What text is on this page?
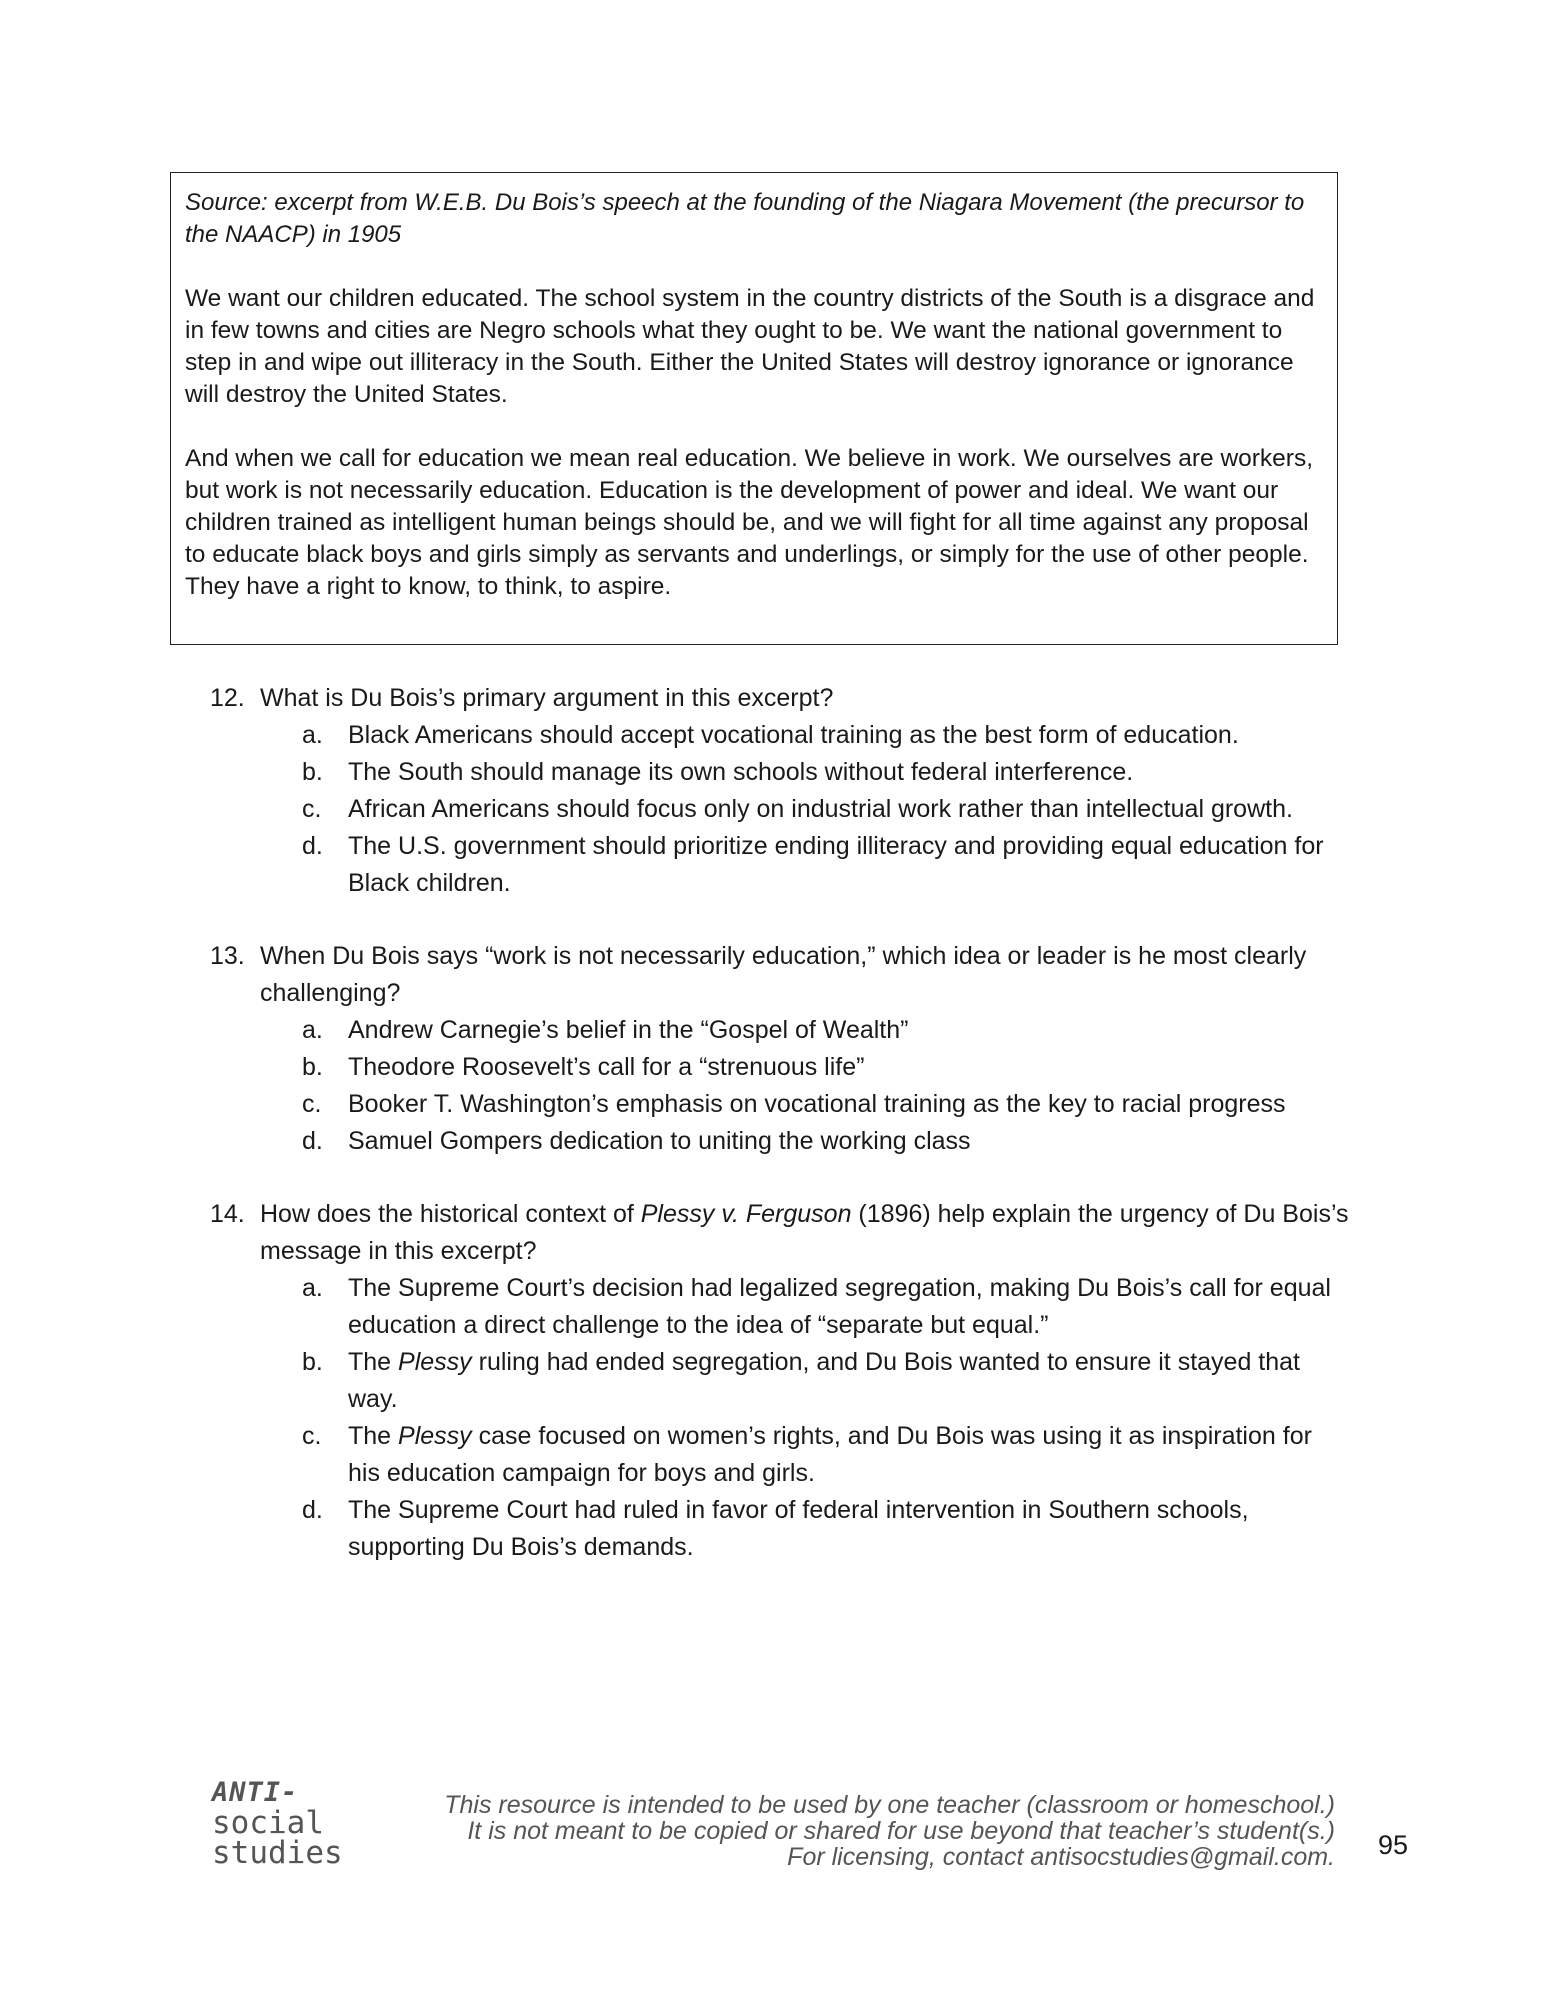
Source: excerpt from W.E.B. Du Bois’s speech at the founding of the Niagara Movement (the precursor to the NAACP) in 1905

We want our children educated. The school system in the country districts of the South is a disgrace and in few towns and cities are Negro schools what they ought to be. We want the national government to step in and wipe out illiteracy in the South. Either the United States will destroy ignorance or ignorance will destroy the United States.

And when we call for education we mean real education. We believe in work. We ourselves are workers, but work is not necessarily education. Education is the development of power and ideal. We want our children trained as intelligent human beings should be, and we will fight for all time against any proposal to educate black boys and girls simply as servants and underlings, or simply for the use of other people. They have a right to know, to think, to aspire.

12. What is Du Bois’s primary argument in this excerpt?
a.	Black Americans should accept vocational training as the best form of education.
b.	The South should manage its own schools without federal interference.
c.	African Americans should focus only on industrial work rather than intellectual growth.
d.	The U.S. government should prioritize ending illiteracy and providing equal education for Black children.
13. When Du Bois says “work is not necessarily education,” which idea or leader is he most clearly challenging?
a.	Andrew Carnegie’s belief in the “Gospel of Wealth”
b.	Theodore Roosevelt’s call for a “strenuous life”
c.	Booker T. Washington’s emphasis on vocational training as the key to racial progress
d.	Samuel Gompers dedication to uniting the working class
14. How does the historical context of Plessy v. Ferguson (1896) help explain the urgency of Du Bois’s message in this excerpt?
a.	The Supreme Court’s decision had legalized segregation, making Du Bois’s call for equal education a direct challenge to the idea of “separate but equal.”
b.	The Plessy ruling had ended segregation, and Du Bois wanted to ensure it stayed that way.
c.	The Plessy case focused on women’s rights, and Du Bois was using it as inspiration for his education campaign for boys and girls.
d.	The Supreme Court had ruled in favor of federal intervention in Southern schools, supporting Du Bois’s demands.
ANTI-
social
studies
This resource is intended to be used by one teacher (classroom or homeschool.) It is not meant to be copied or shared for use beyond that teacher’s student(s.) For licensing, contact antisocstudies@gmail.com. 95
